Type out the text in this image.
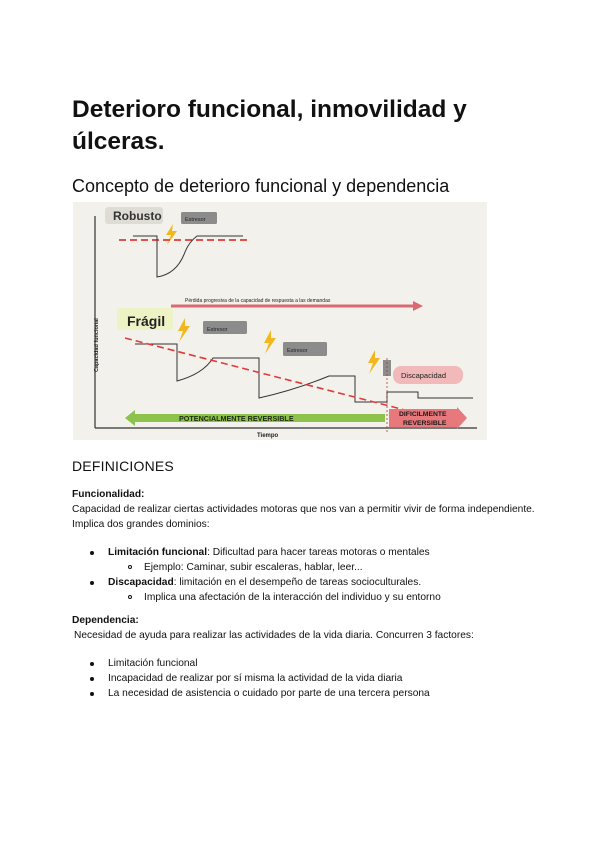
Deterioro funcional, inmovilidad y úlceras.
Concepto de deterioro funcional y dependencia
Capacidad funcional
Tiempo
Robusto	Estresor
Pérdida progresiva de la capacidad de respuesta a las demandas
Frágil
Estresor
Estresor
Discapacidad
POTENCIALMENTE REVERSIBLE	DIFICILMENTE
REVERSIBLE
DEFINICIONES
Funcionalidad:
Capacidad de realizar ciertas actividades motoras que nos van a permitir vivir de forma independiente. Implica dos grandes dominios:
Limitación funcional: Dificultad para hacer tareas motoras o mentales
Ejemplo: Caminar, subir escaleras, hablar, leer...
Discapacidad: limitación en el desempeño de tareas socioculturales.
Implica una afectación de la interacción del individuo y su entorno
Dependencia:
Necesidad de ayuda para realizar las actividades de la vida diaria. Concurren 3 factores:
Limitación funcional
Incapacidad de realizar por sí misma la actividad de la vida diaria
La necesidad de asistencia o cuidado por parte de una tercera persona
